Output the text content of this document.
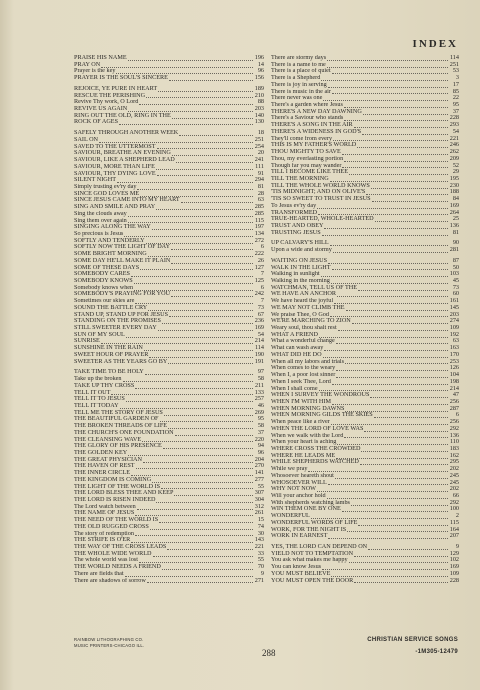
INDEX
PRAISE HIS NAME	196
PRAY ON	14
Prayer is the key	96
PRAYER IS THE SOUL'S SINCERE	156
REJOICE, YE PURE IN HEART	189
RESCUE THE PERISHING	210
Revive Thy work, O Lord	88
REVIVE US AGAIN	203
RING OUT THE OLD, RING IN THE	140
ROCK OF AGES	130
SAFELY THROUGH ANOTHER WEEK	18
SAIL ON	251
SAVED TO THE UTTERMOST	254
SAVIOUR, BREATHE AN EVENING	20
SAVIOUR, LIKE A SHEPHERD LEAD	241
SAVIOUR, MORE THAN LIFE	111
SAVIOUR, THY DYING LOVE	91
SILENT NIGHT	294
Simply trusting ev'ry day	81
SINCE GOD LOVES ME	28
SINCE JESUS CAME INTO MY HEART	63
SING AND SMILE AND PRAY	285
Sing the clouds away	285
Sing them over again	115
SINGING ALONG THE WAY	197
So precious is Jesus	134
SOFTLY AND TENDERLY	272
SOFTLY NOW THE LIGHT OF DAY	6
SOME BRIGHT MORNING	222
SOME DAY HE'LL MAKE IT PLAIN	26
SOME OF THESE DAYS	127
SOMEBODY CARES	7
SOMEBODY KNOWS	125
Somebody knows when	6
SOMEBODY'S PRAYING FOR YOU	242
Sometimes our skies are	7
SOUND THE BATTLE CRY	73
STAND UP, STAND UP FOR JESUS	67
STANDING ON THE PROMISES	236
STILL SWEETER EVERY DAY	169
SUN OF MY SOUL	54
SUNRISE	214
SUNSHINE IN THE RAIN	114
SWEET HOUR OF PRAYER	190
SWEETER AS THE YEARS GO BY	191
TAKE TIME TO BE HOLY	97
Take up the broken	58
TAKE UP THY CROSS	211
TELL IT OUT	133
TELL IT TO JESUS	257
TELL IT TODAY	46
TELL ME THE STORY OF JESUS	269
THE BEAUTIFUL GARDEN OF	95
THE BROKEN THREADS OF LIFE	58
THE CHURCH'S ONE FOUNDATION	37
THE CLEANSING WAVE	220
THE GLORY OF HIS PRESENCE	94
THE GOLDEN KEY	96
THE GREAT PHYSICIAN	204
THE HAVEN OF REST	270
THE INNER CIRCLE	141
THE KINGDOM IS COMING	277
THE LIGHT OF THE WORLD IS	55
THE LORD BLESS THEE AND KEEP	307
THE LORD IS RISEN INDEED	304
The Lord watch between	312
THE NAME OF JESUS	261
THE NEED OF THE WORLD IS	15
THE OLD RUGGED CROSS	74
The story of redemption	30
THE STRIFE IS O'ER	143
THE WAY OF THE CROSS LEADS	221
THE WHOLE WIDE WORLD	33
The whole world was lost	55
THE WORLD NEEDS A FRIEND	70
There are fields that	9
There are shadows of sorrow	271
There are stormy days	114
There is a name to me	251
There is a place of quiet	53
There is a Shepherd	3
There is joy in serving	17
There is music in the air	85
There never was one	22
There's a garden where Jesus	95
THERE'S A NEW DAY DAWNING	37
There's a Saviour who stands	228
THERE'S A SONG IN THE AIR	293
THERE'S A WIDENESS IN GOD'S	54
They'll come from every	221
THIS IS MY FATHER'S WORLD	246
THOU MIGHTY TO SAVE	262
Thou, my everlasting portion	209
Though far you may wander	52
TILL I BECOME LIKE THEE	29
TILL THE MORNING	195
TILL THE WHOLE WORLD KNOWS	230
'TIS MIDNIGHT; AND ON OLIVE'S	188
'TIS SO SWEET TO TRUST IN JESUS	84
To Jesus ev'ry day	169
TRANSFORMED	264
TRUE-HEARTED, WHOLE-HEARTED	25
TRUST AND OBEY	136
TRUSTING JESUS	81
UP CALVARY'S HILL	90
Upon a wide and stormy	281
WAITING ON JESUS	87
WALK IN THE LIGHT	50
Walking in sunlight	103
Walking in the morning	45
WATCHMAN, TELL US OF THE	73
WE HAVE AN ANCHOR	60
We have heard the joyful	161
WE MAY NOT CLIMB THE	145
We praise Thee, O God	203
WE'RE MARCHING TO ZION	274
Weary soul, thou shalt rest	109
WHAT A FRIEND	192
What a wonderful change	63
What can wash away	163
WHAT DID HE DO	170
When all my labors and trials	253
When comes to the weary	126
When I, a poor lost sinner	104
When I seek Thee, Lord	198
When I shall come	214
WHEN I SURVEY THE WONDROUS	47
WHEN I'M WITH HIM	256
WHEN MORNING DAWNS	287
WHEN MORNING GILDS THE SKIES	6
When peace like a river	256
WHEN THE LORD OF LOVE WAS	292
When we walk with the Lord	136
When your heart is aching	110
WHERE CROSS THE CROWDED	183
WHERE HE LEADS ME	162
WHILE SHEPHERDS WATCHED	295
While we pray	202
Whosoever heareth shout	245
WHOSOEVER WILL	245
WHY NOT NOW	202
Will your anchor hold	66
With shepherds watching lambs	292
WIN THEM ONE BY ONE	100
WONDERFUL	2
WONDERFUL WORDS OF LIFE	115
WORK, FOR THE NIGHT IS	164
WORK IN EARNEST	207
YES, THE LORD CAN DEPEND ON	9
YIELD NOT TO TEMPTATION	129
You ask what makes me happy	102
You can know Jesus	169
YOU MUST BELIEVE	109
YOU MUST OPEN THE DOOR	228
RAINBOW LITHOGRAPHING CO.
MUSIC PRINTERS-CHICAGO ILL.
288
CHRISTIAN SERVICE SONGS
-1M305-12479
